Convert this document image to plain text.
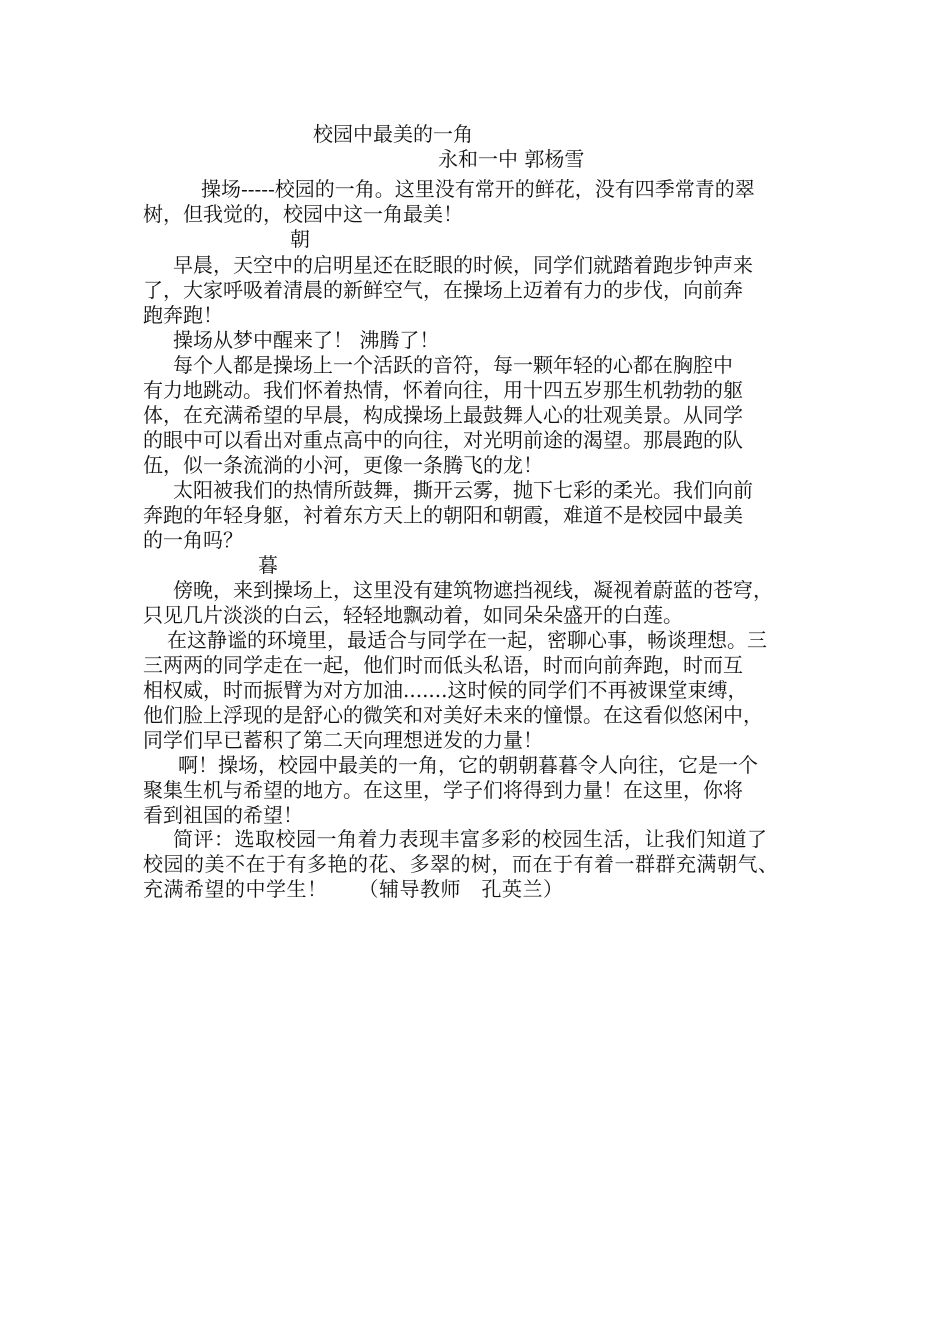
校园中最美的一角
永和一中 郭杨雪
操场-----校园的一角。这里没有常开的鲜花，没有四季常青的翠
树，但我觉的，校园中这一角最美！
朝
早晨，天空中的启明星还在眨眼的时候，同学们就踏着跑步钟声来
了，大家呼吸着清晨的新鲜空气，在操场上迈着有力的步伐，向前奔
跑奔跑！
操场从梦中醒来了！ 沸腾了！
每个人都是操场上一个活跃的音符，每一颗年轻的心都在胸腔中
有力地跳动。我们怀着热情，怀着向往，用十四五岁那生机勃勃的躯
体，在充满希望的早晨，构成操场上最鼓舞人心的壮观美景。从同学
的眼中可以看出对重点高中的向往，对光明前途的渴望。那晨跑的队
伍，似一条流淌的小河，更像一条腾飞的龙！
太阳被我们的热情所鼓舞，撕开云雾，抛下七彩的柔光。我们向前
奔跑的年轻身躯，衬着东方天上的朝阳和朝霞，难道不是校园中最美
的一角吗？
暮
傍晚，来到操场上，这里没有建筑物遮挡视线，凝视着蔚蓝的苍穹，
只见几片淡淡的白云，轻轻地飘动着，如同朵朵盛开的白莲。
在这静谧的环境里，最适合与同学在一起，密聊心事，畅谈理想。三
三两两的同学走在一起，他们时而低头私语，时而向前奔跑，时而互
相权威，时而振臂为对方加油.......这时候的同学们不再被课堂束缚，
他们脸上浮现的是舒心的微笑和对美好未来的憧憬。在这看似悠闲中，
同学们早已蓄积了第二天向理想迸发的力量！
啊！操场，校园中最美的一角，它的朝朝暮暮令人向往，它是一个
聚集生机与希望的地方。在这里，学子们将得到力量！在这里，你将
看到祖国的希望！
简评：选取校园一角着力表现丰富多彩的校园生活，让我们知道了
校园的美不在于有多艳的花、多翠的树，而在于有着一群群充满朝气、
充满希望的中学生！　　（辅导教师　孔英兰）
